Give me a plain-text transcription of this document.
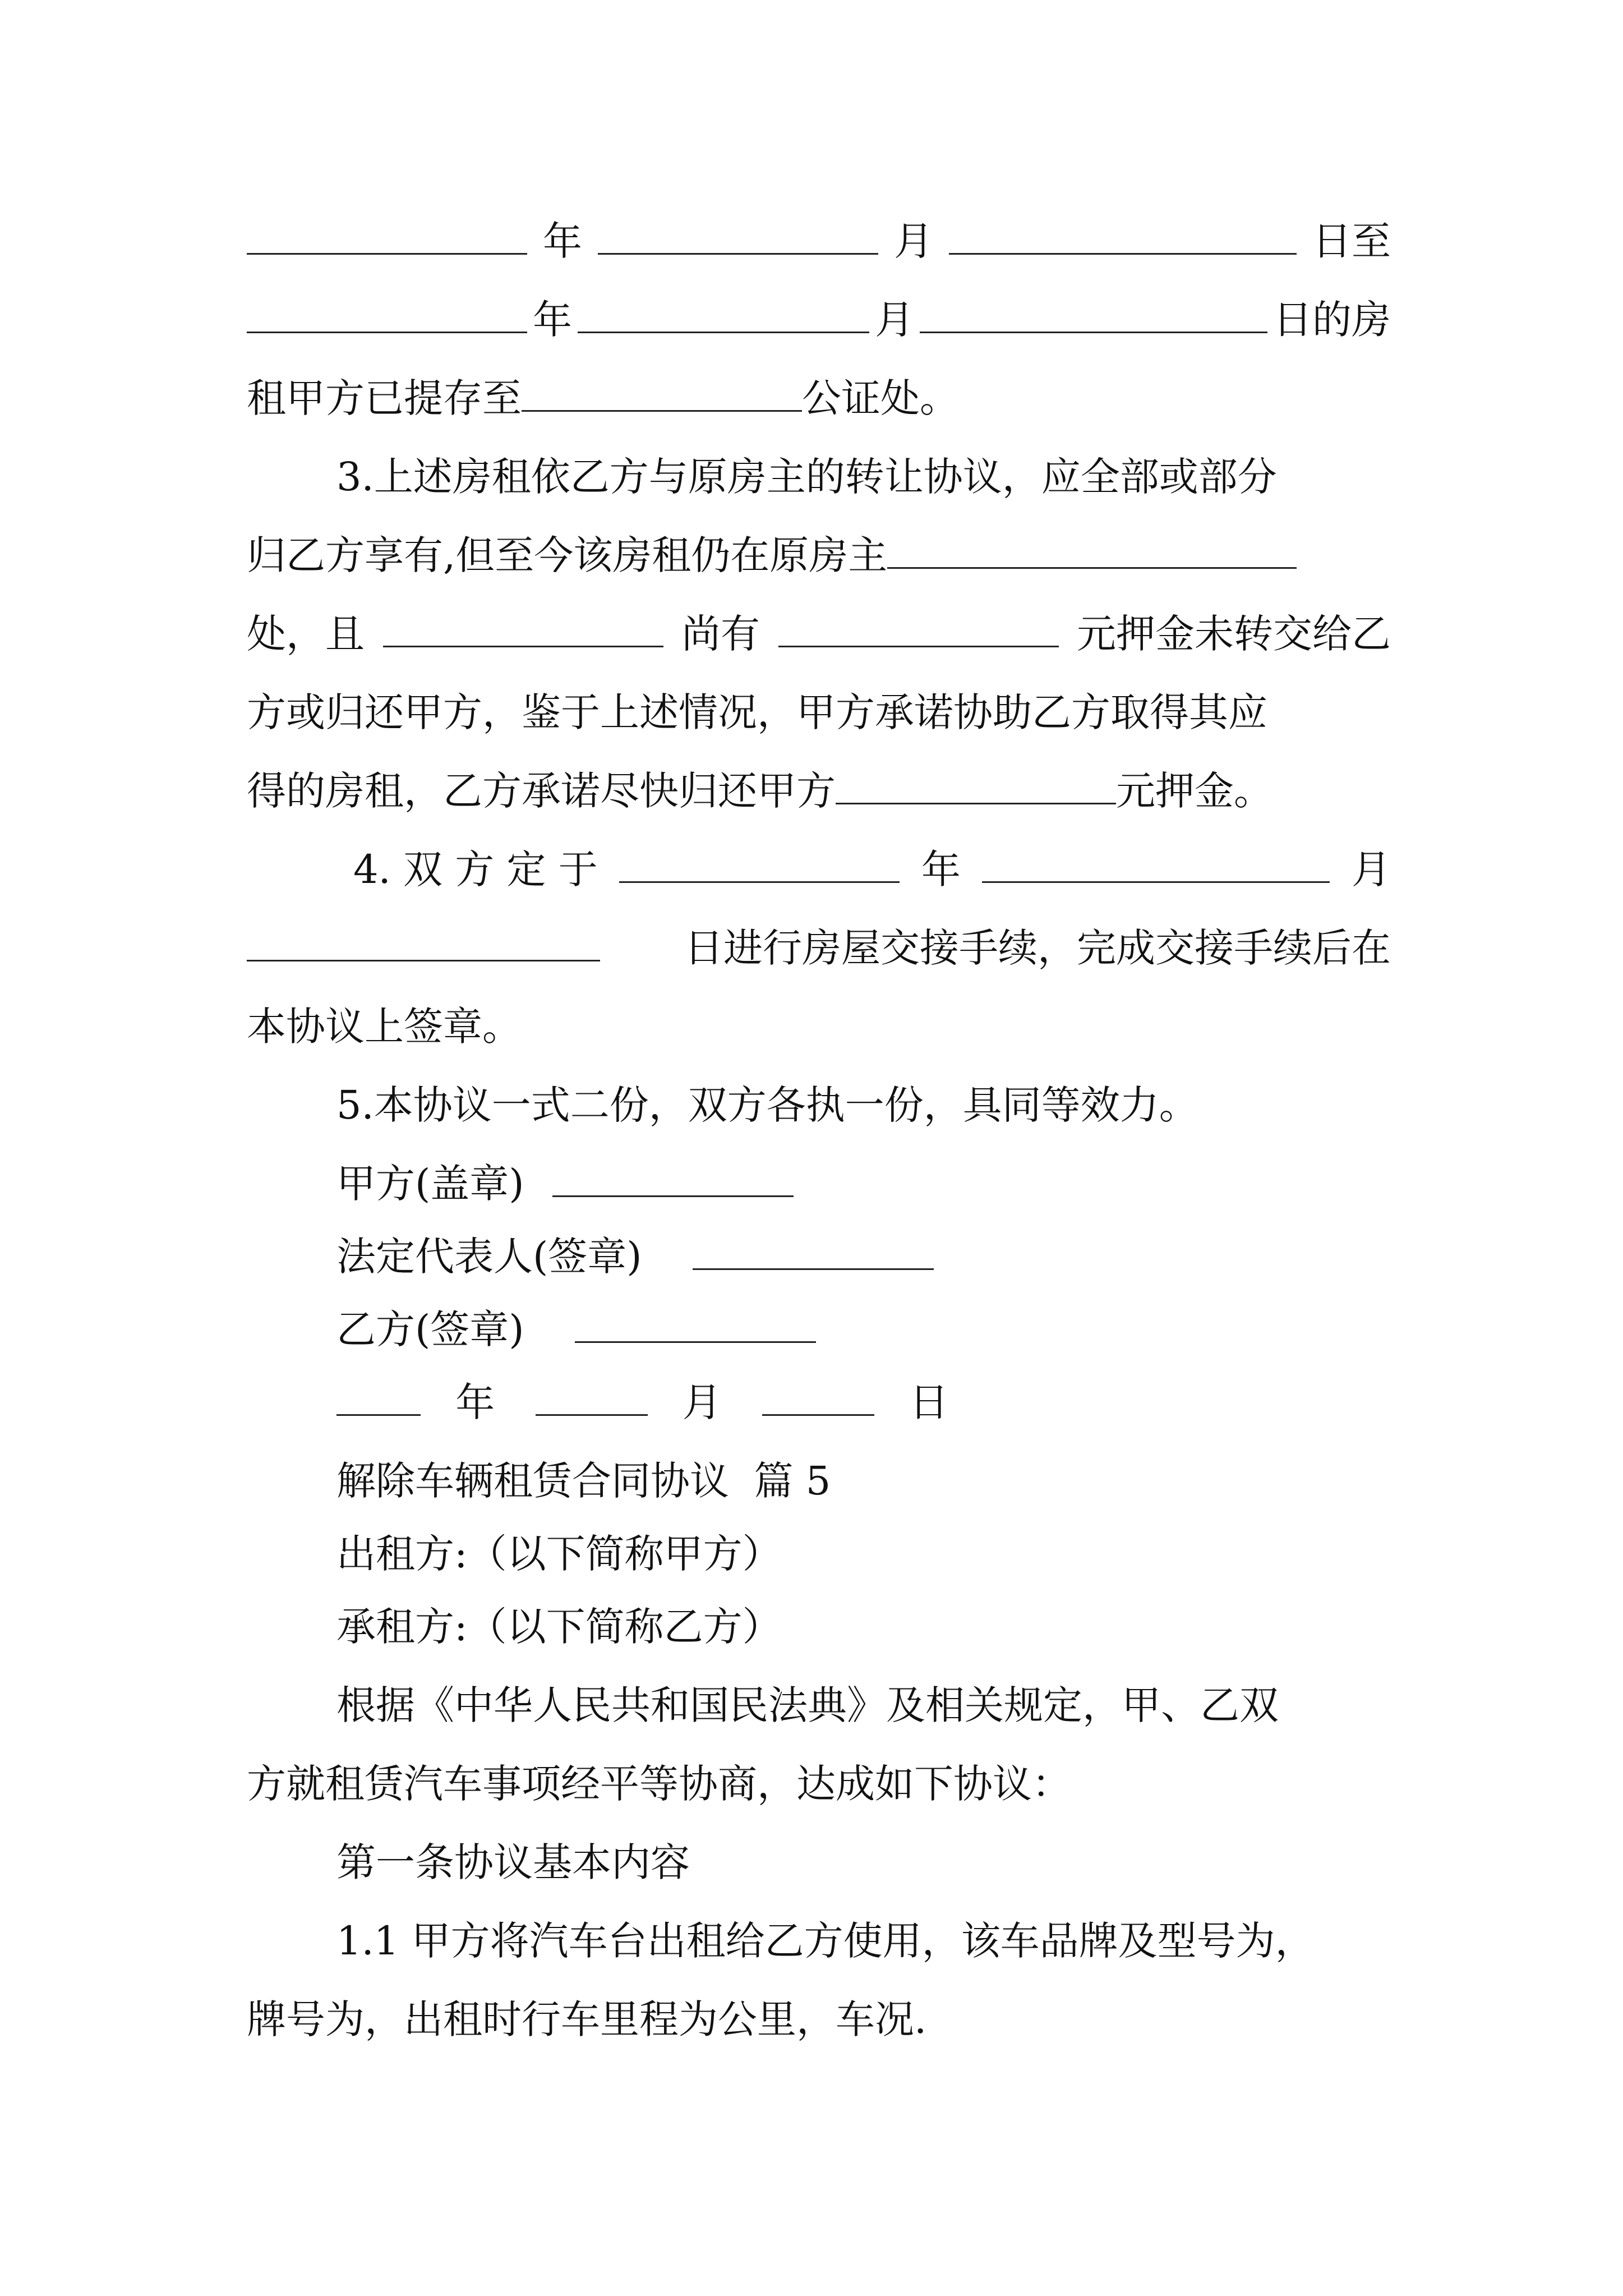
年	月	日至
年	月	日的房
租甲方已提存至	公证处。
3.上述房租依乙方与原房主的转让协议，应全部或部分
归乙方享有,但至今该房租仍在原房主
处，且	尚有	元押金未转交给乙
方或归还甲方，鉴于上述情况，甲方承诺协助乙方取得其应
得的房租，乙方承诺尽快归还甲方	元押金。
4. 双 方 定 于	年	月
日进行房屋交接手续，完成交接手续后在
本协议上签章。
5.本协议一式二份，双方各执一份，具同等效力。
甲方(盖章)
法定代表人(签章)
乙方(签章)
年	月	日
解除车辆租赁合同协议  篇 5
出租方:（以下简称甲方）
承租方:（以下简称乙方）
根据《中华人民共和国民法典》及相关规定，甲、乙双
方就租赁汽车事项经平等协商，达成如下协议：
第一条协议基本内容
1.1 甲方将汽车台出租给乙方使用，该车品牌及型号为，
牌号为，出租时行车里程为公里，车况.
